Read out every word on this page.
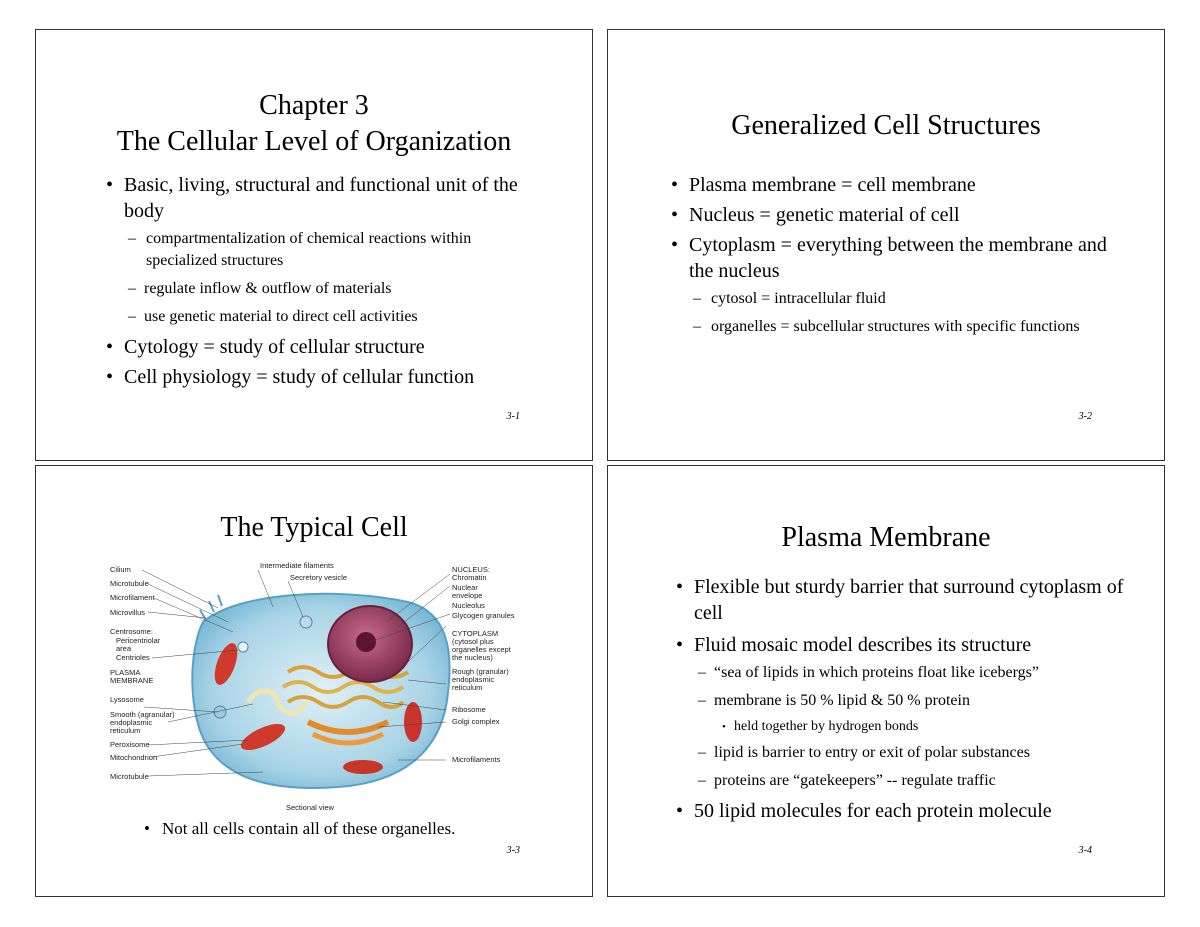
Chapter 3
The Cellular Level of Organization
• Basic, living, structural and functional unit of the body
– compartmentalization of chemical reactions within specialized structures
– regulate inflow & outflow of materials
– use genetic material to direct cell activities
• Cytology = study of cellular structure
• Cell physiology = study of cellular function
3-1
Generalized Cell Structures
• Plasma membrane = cell membrane
• Nucleus = genetic material of cell
• Cytoplasm = everything between the membrane and the nucleus
– cytosol = intracellular fluid
– organelles = subcellular structures with specific functions
3-2
The Typical Cell
Cilium
Microtubule
Microfilament
Microvillus
Centrosome:
Pericentriolar
area
Centrioles
PLASMA
MEMBRANE
Lysosome
Smooth (agranular)
endoplasmic
reticulum
Peroxisome
Mitochondrion
Microtubule
Intermediate filaments
Secretory vesicle
NUCLEUS:
Chromatin
Nuclear
envelope
Nucleolus
Glycogen granules
CYTOPLASM
(cytosol plus
organelles except
the nucleus)
Rough (granular)
endoplasmic
reticulum
Ribosome
Golgi complex
Microfilaments
Sectional view
• Not all cells contain all of these organelles.
3-3
Plasma Membrane
• Flexible but sturdy barrier that surround cytoplasm of cell
• Fluid mosaic model describes its structure
– “sea of lipids in which proteins float like icebergs”
– membrane is 50 % lipid & 50 % protein
• held together by hydrogen bonds
– lipid is barrier to entry or exit of polar substances
– proteins are “gatekeepers” -- regulate traffic
• 50 lipid molecules for each protein molecule
3-4
